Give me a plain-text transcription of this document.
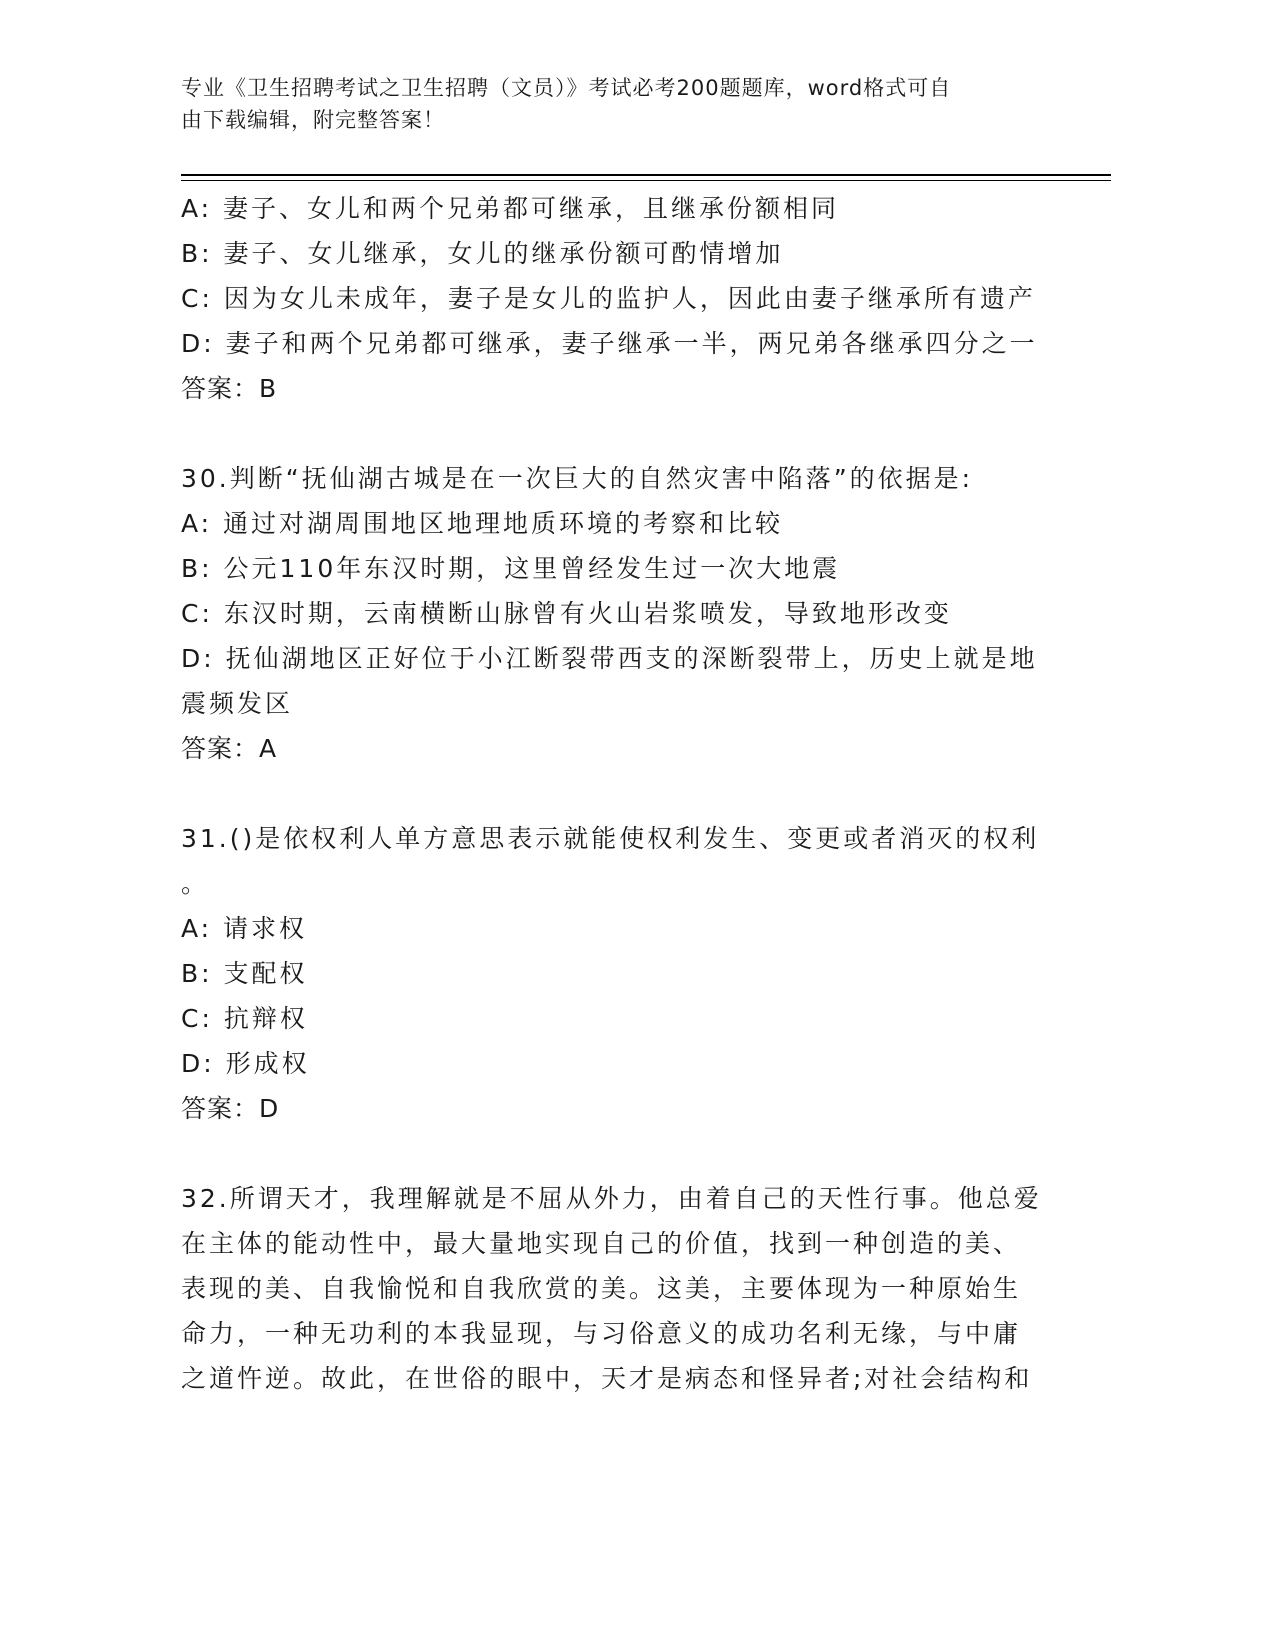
专业《卫生招聘考试之卫生招聘（文员）》考试必考200题题库，word格式可自
由下载编辑，附完整答案！
A: 妻子、女儿和两个兄弟都可继承，且继承份额相同
B: 妻子、女儿继承，女儿的继承份额可酌情增加
C: 因为女儿未成年，妻子是女儿的监护人，因此由妻子继承所有遗产
D: 妻子和两个兄弟都可继承，妻子继承一半，两兄弟各继承四分之一
答案：B
30.判断“抚仙湖古城是在一次巨大的自然灾害中陷落”的依据是:
A: 通过对湖周围地区地理地质环境的考察和比较
B: 公元110年东汉时期，这里曾经发生过一次大地震
C: 东汉时期，云南横断山脉曾有火山岩浆喷发，导致地形改变
D: 抚仙湖地区正好位于小江断裂带西支的深断裂带上，历史上就是地
震频发区
答案：A
31.()是依权利人单方意思表示就能使权利发生、变更或者消灭的权利
。
A: 请求权
B: 支配权
C: 抗辩权
D: 形成权
答案：D
32.所谓天才，我理解就是不屈从外力，由着自己的天性行事。他总爱
在主体的能动性中，最大量地实现自己的价值，找到一种创造的美、
表现的美、自我愉悦和自我欣赏的美。这美，主要体现为一种原始生
命力，一种无功利的本我显现，与习俗意义的成功名利无缘，与中庸
之道忤逆。故此，在世俗的眼中，天才是病态和怪异者;对社会结构和
